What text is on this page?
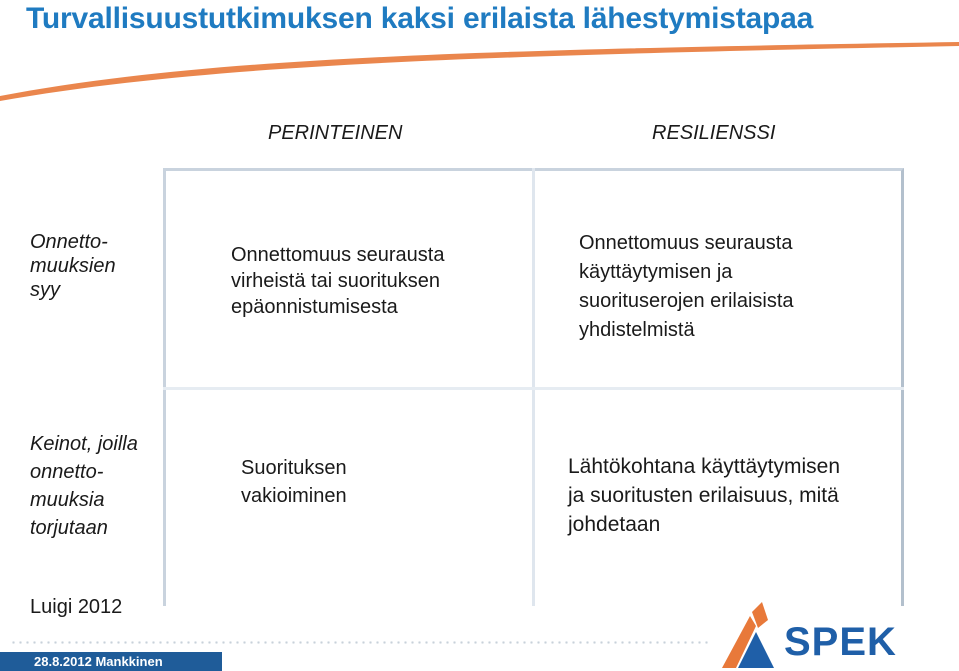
Turvallisuustutkimuksen kaksi erilaista lähestymistapaa
PERINTEINEN	RESILIENSSI
Onnetto-
muuksien
syy
Onnettomuus seurausta
virheistä tai suorituksen
epäonnistumisesta
Onnettomuus seurausta
käyttäytymisen ja
suorituserojen erilaisista
yhdistelmistä
Keinot, joilla
onnetto-
muuksia
torjutaan
Suorituksen
vakioiminen
Lähtökohtana käyttäytymisen
ja suoritusten erilaisuus, mitä
johdetaan
Luigi 2012
28.8.2012 Mankkinen	SPEK
